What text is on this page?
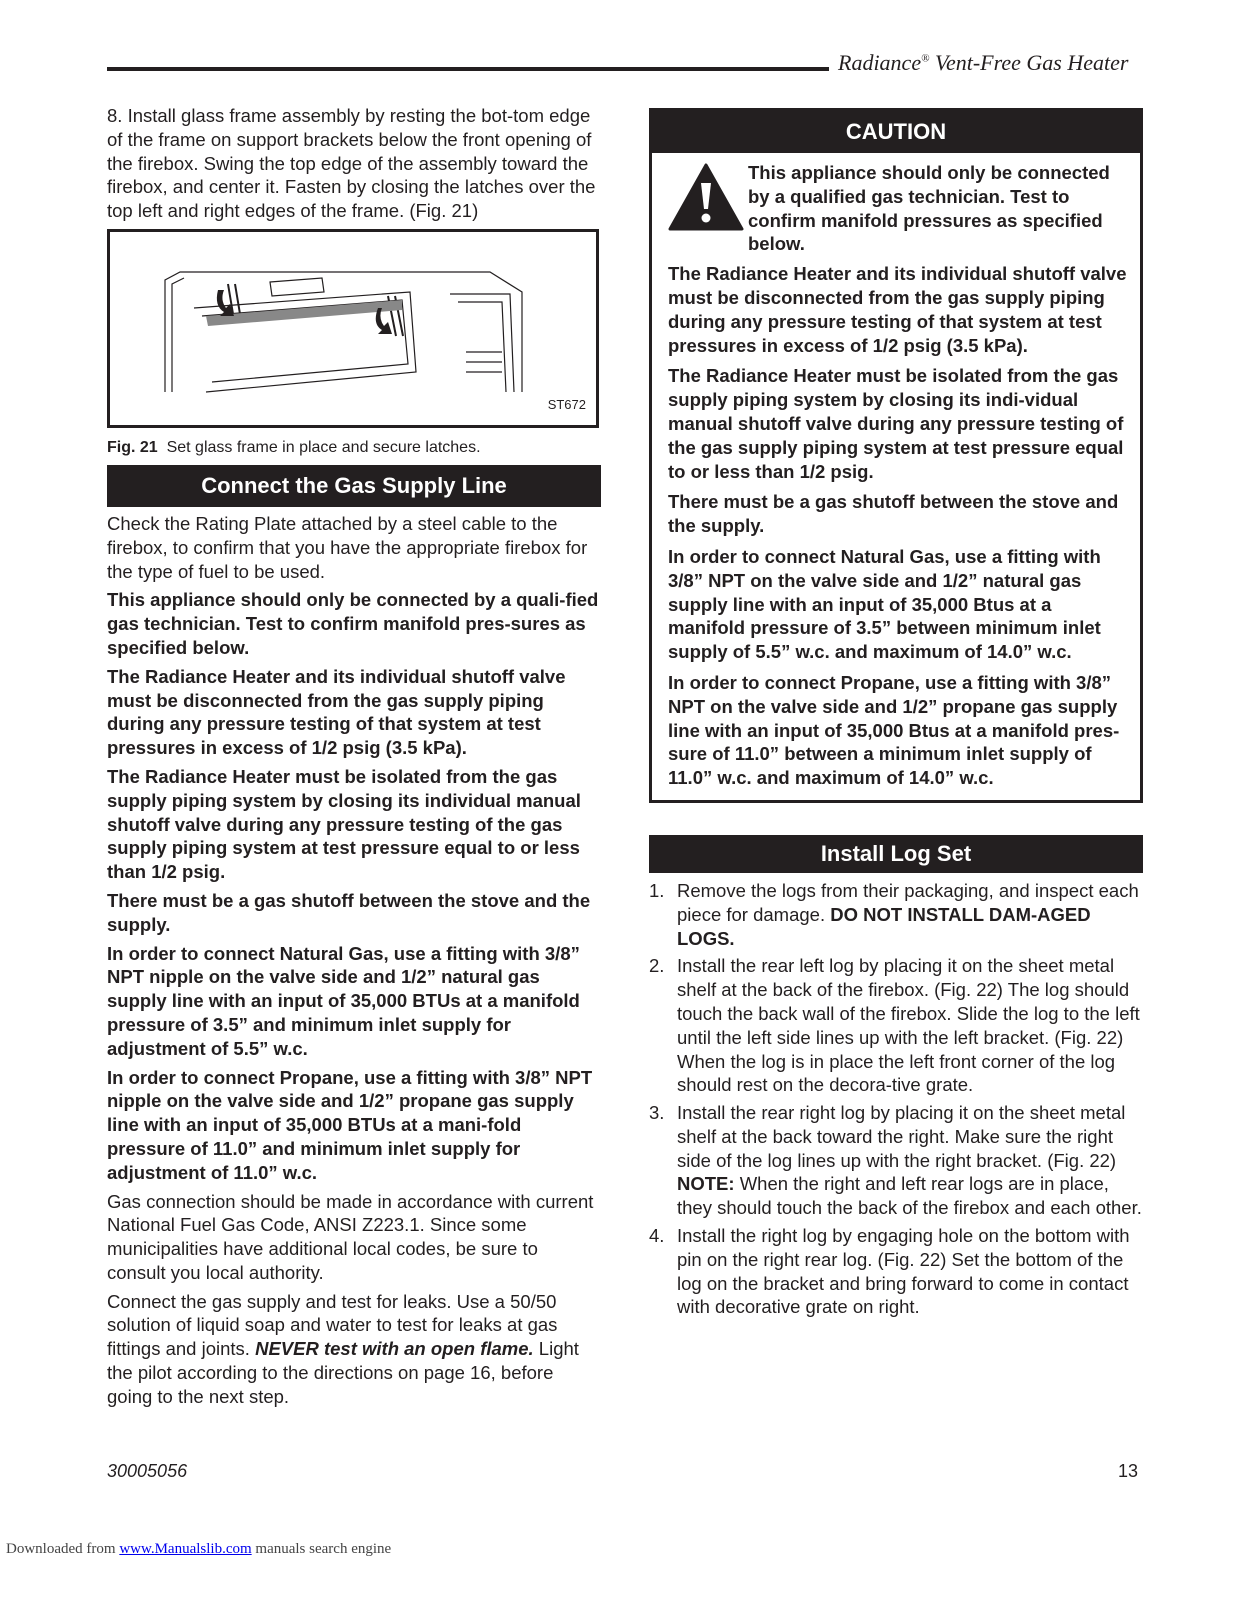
Radiance® Vent-Free Gas Heater

8. Install glass frame assembly by resting the bot-tom edge of the frame on support brackets below the front opening of the firebox. Swing the top edge of the assembly toward the firebox, and center it. Fasten by closing the latches over the top left and right edges of the frame. (Fig. 21)

ST672
Fig. 21 Set glass frame in place and secure latches.
Connect the Gas Supply Line

Check the Rating Plate attached by a steel cable to the firebox, to confirm that you have the appropriate firebox for the type of fuel to be used.

This appliance should only be connected by a quali-fied gas technician. Test to confirm manifold pres-sures as specified below.

The Radiance Heater and its individual shutoff valve must be disconnected from the gas supply piping during any pressure testing of that system at test pressures in excess of 1/2 psig (3.5 kPa).

The Radiance Heater must be isolated from the gas supply piping system by closing its individual manual shutoff valve during any pressure testing of the gas supply piping system at test pressure equal to or less than 1/2 psig.

There must be a gas shutoff between the stove and the supply.

In order to connect Natural Gas, use a fitting with 3/8” NPT nipple on the valve side and 1/2” natural gas supply line with an input of 35,000 BTUs at a manifold pressure of 3.5” and minimum inlet supply for adjustment of 5.5” w.c.

In order to connect Propane, use a fitting with 3/8” NPT nipple on the valve side and 1/2” propane gas supply line with an input of 35,000 BTUs at a mani-fold pressure of 11.0” and minimum inlet supply for adjustment of 11.0” w.c.

Gas connection should be made in accordance with current National Fuel Gas Code, ANSI Z223.1. Since some municipalities have additional local codes, be sure to consult you local authority.

Connect the gas supply and test for leaks. Use a 50/50 solution of liquid soap and water to test for leaks at gas fittings and joints. NEVER test with an open flame. Light the pilot according to the directions on page 16, before going to the next step.

CAUTION

This appliance should only be connected by a qualified gas technician. Test to confirm manifold pressures as specified below.

The Radiance Heater and its individual shutoff valve must be disconnected from the gas supply piping during any pressure testing of that system at test pressures in excess of 1/2 psig (3.5 kPa).

The Radiance Heater must be isolated from the gas supply piping system by closing its indi-vidual manual shutoff valve during any pressure testing of the gas supply piping system at test pressure equal to or less than 1/2 psig.

There must be a gas shutoff between the stove and the supply.

In order to connect Natural Gas, use a fitting with 3/8” NPT on the valve side and 1/2” natural gas supply line with an input of 35,000 Btus at a manifold pressure of 3.5” between minimum inlet supply of 5.5” w.c. and maximum of 14.0” w.c.

In order to connect Propane, use a fitting with 3/8” NPT on the valve side and 1/2” propane gas supply line with an input of 35,000 Btus at a manifold pres-sure of 11.0” between a minimum inlet supply of 11.0” w.c. and maximum of 14.0” w.c.

Install Log Set
1. Remove the logs from their packaging, and inspect each piece for damage. DO NOT INSTALL DAM-AGED LOGS.
2. Install the rear left log by placing it on the sheet metal shelf at the back of the firebox. (Fig. 22) The log should touch the back wall of the firebox. Slide the log to the left until the left side lines up with the left bracket. (Fig. 22) When the log is in place the left front corner of the log should rest on the decora-tive grate.
3. Install the rear right log by placing it on the sheet metal shelf at the back toward the right. Make sure the right side of the log lines up with the right bracket. (Fig. 22) NOTE: When the right and left rear logs are in place, they should touch the back of the firebox and each other.
4. Install the right log by engaging hole on the bottom with pin on the right rear log. (Fig. 22) Set the bottom of the log on the bracket and bring forward to come in contact with decorative grate on right.
30005056	13
Downloaded from www.Manualslib.com manuals search engine
